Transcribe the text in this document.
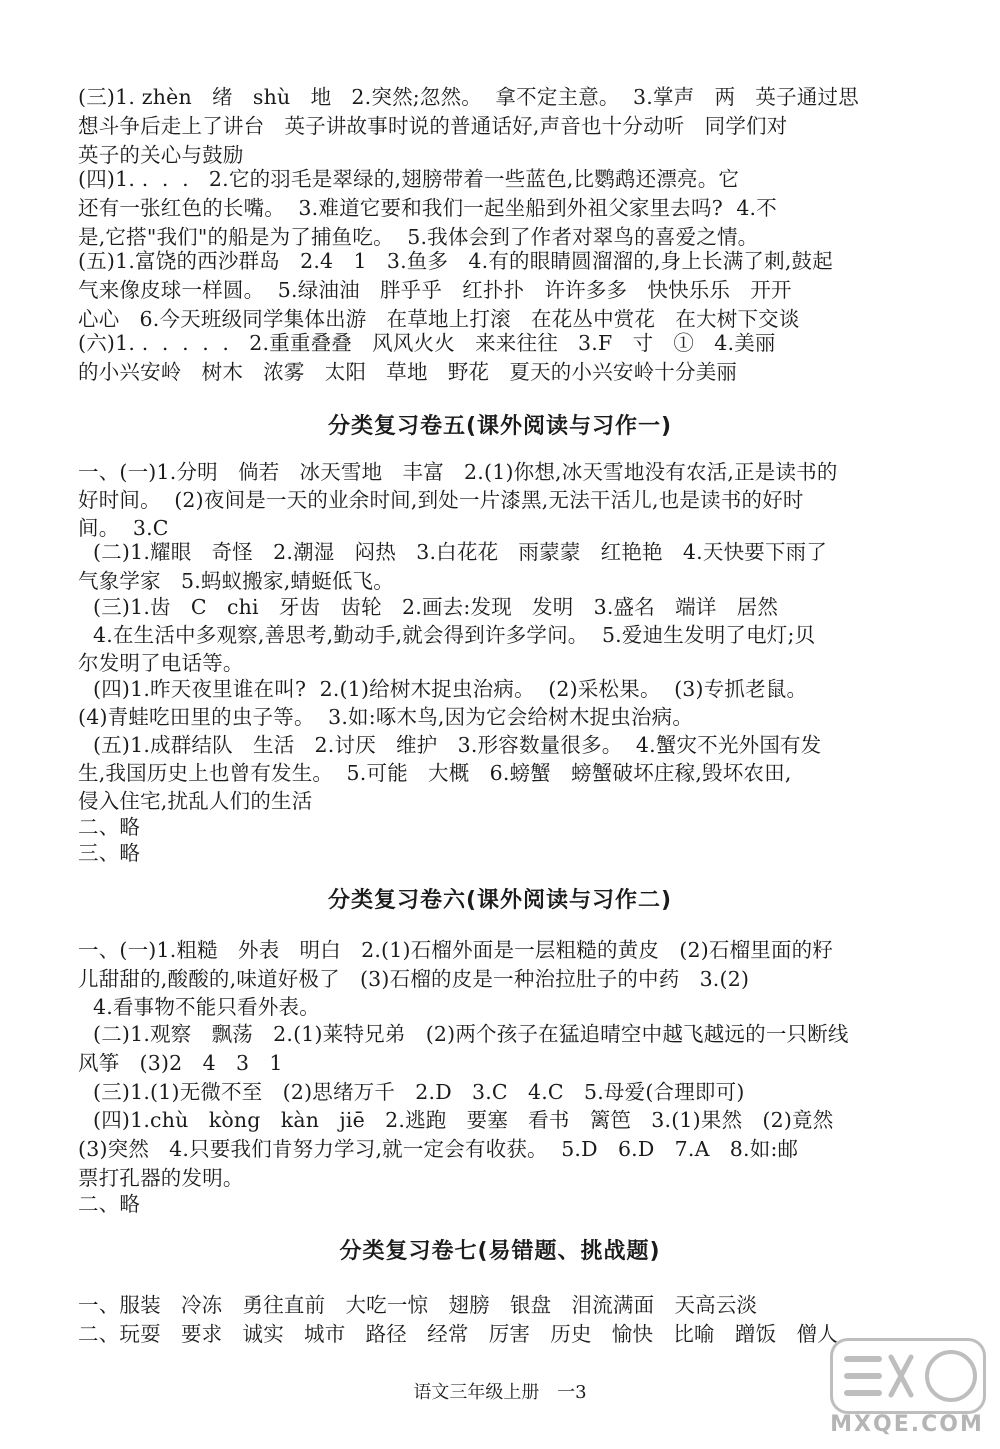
(三)1. zhèn   绪   shù   地   2.突然;忽然。  拿不定主意。  3.掌声   两   英子通过思
想斗争后走上了讲台   英子讲故事时说的普通话好,声音也十分动听   同学们对
英子的关心与鼓励
(四)1. .  .  .   2.它的羽毛是翠绿的,翅膀带着一些蓝色,比鹦鹉还漂亮。它
还有一张红色的长嘴。  3.难道它要和我们一起坐船到外祖父家里去吗?  4.不
是,它搭"我们"的船是为了捕鱼吃。  5.我体会到了作者对翠鸟的喜爱之情。
(五)1.富饶的西沙群岛   2.4   1   3.鱼多   4.有的眼睛圆溜溜的,身上长满了刺,鼓起
气来像皮球一样圆。  5.绿油油   胖乎乎   红扑扑   许许多多   快快乐乐   开开
心心   6.今天班级同学集体出游   在草地上打滚   在花丛中赏花   在大树下交谈
(六)1. .  .  .  .  .   2.重重叠叠   风风火火   来来往往   3.F   寸   ①   4.美丽
的小兴安岭   树木   浓雾   太阳   草地   野花   夏天的小兴安岭十分美丽
分类复习卷五(课外阅读与习作一)
一、(一)1.分明   倘若   冰天雪地   丰富   2.(1)你想,冰天雪地没有农活,正是读书的
好时间。  (2)夜间是一天的业余时间,到处一片漆黑,无法干活儿,也是读书的好时
间。  3.C
(二)1.耀眼   奇怪   2.潮湿   闷热   3.白花花   雨蒙蒙   红艳艳   4.天快要下雨了
气象学家   5.蚂蚁搬家,蜻蜓低飞。
(三)1.齿   C   chi   牙齿   齿轮   2.画去:发现   发明   3.盛名   端详   居然
4.在生活中多观察,善思考,勤动手,就会得到许多学问。  5.爱迪生发明了电灯;贝
尔发明了电话等。
(四)1.昨天夜里谁在叫?  2.(1)给树木捉虫治病。  (2)采松果。  (3)专抓老鼠。
(4)青蛙吃田里的虫子等。  3.如:啄木鸟,因为它会给树木捉虫治病。
(五)1.成群结队   生活   2.讨厌   维护   3.形容数量很多。  4.蟹灾不光外国有发
生,我国历史上也曾有发生。  5.可能   大概   6.螃蟹   螃蟹破坏庄稼,毁坏农田,
侵入住宅,扰乱人们的生活
二、略
三、略
分类复习卷六(课外阅读与习作二)
一、(一)1.粗糙   外表   明白   2.(1)石榴外面是一层粗糙的黄皮   (2)石榴里面的籽
儿甜甜的,酸酸的,味道好极了   (3)石榴的皮是一种治拉肚子的中药   3.(2)
4.看事物不能只看外表。
(二)1.观察   飘荡   2.(1)莱特兄弟   (2)两个孩子在猛追晴空中越飞越远的一只断线
风筝   (3)2   4   3   1
(三)1.(1)无微不至   (2)思绪万千   2.D   3.C   4.C   5.母爱(合理即可)
(四)1.chù   kòng   kàn   jiē   2.逃跑   要塞   看书   篱笆   3.(1)果然   (2)竟然
(3)突然   4.只要我们肯努力学习,就一定会有收获。  5.D   6.D   7.A   8.如:邮
票打孔器的发明。
二、略
分类复习卷七(易错题、挑战题)
一、服装   冷冻   勇往直前   大吃一惊   翅膀   银盘   泪流满面   天高云淡
二、玩耍   要求   诚实   城市   路径   经常   厉害   历史   愉快   比喻   蹭饭   僧人
语文三年级上册 一3
MXQE.COM
